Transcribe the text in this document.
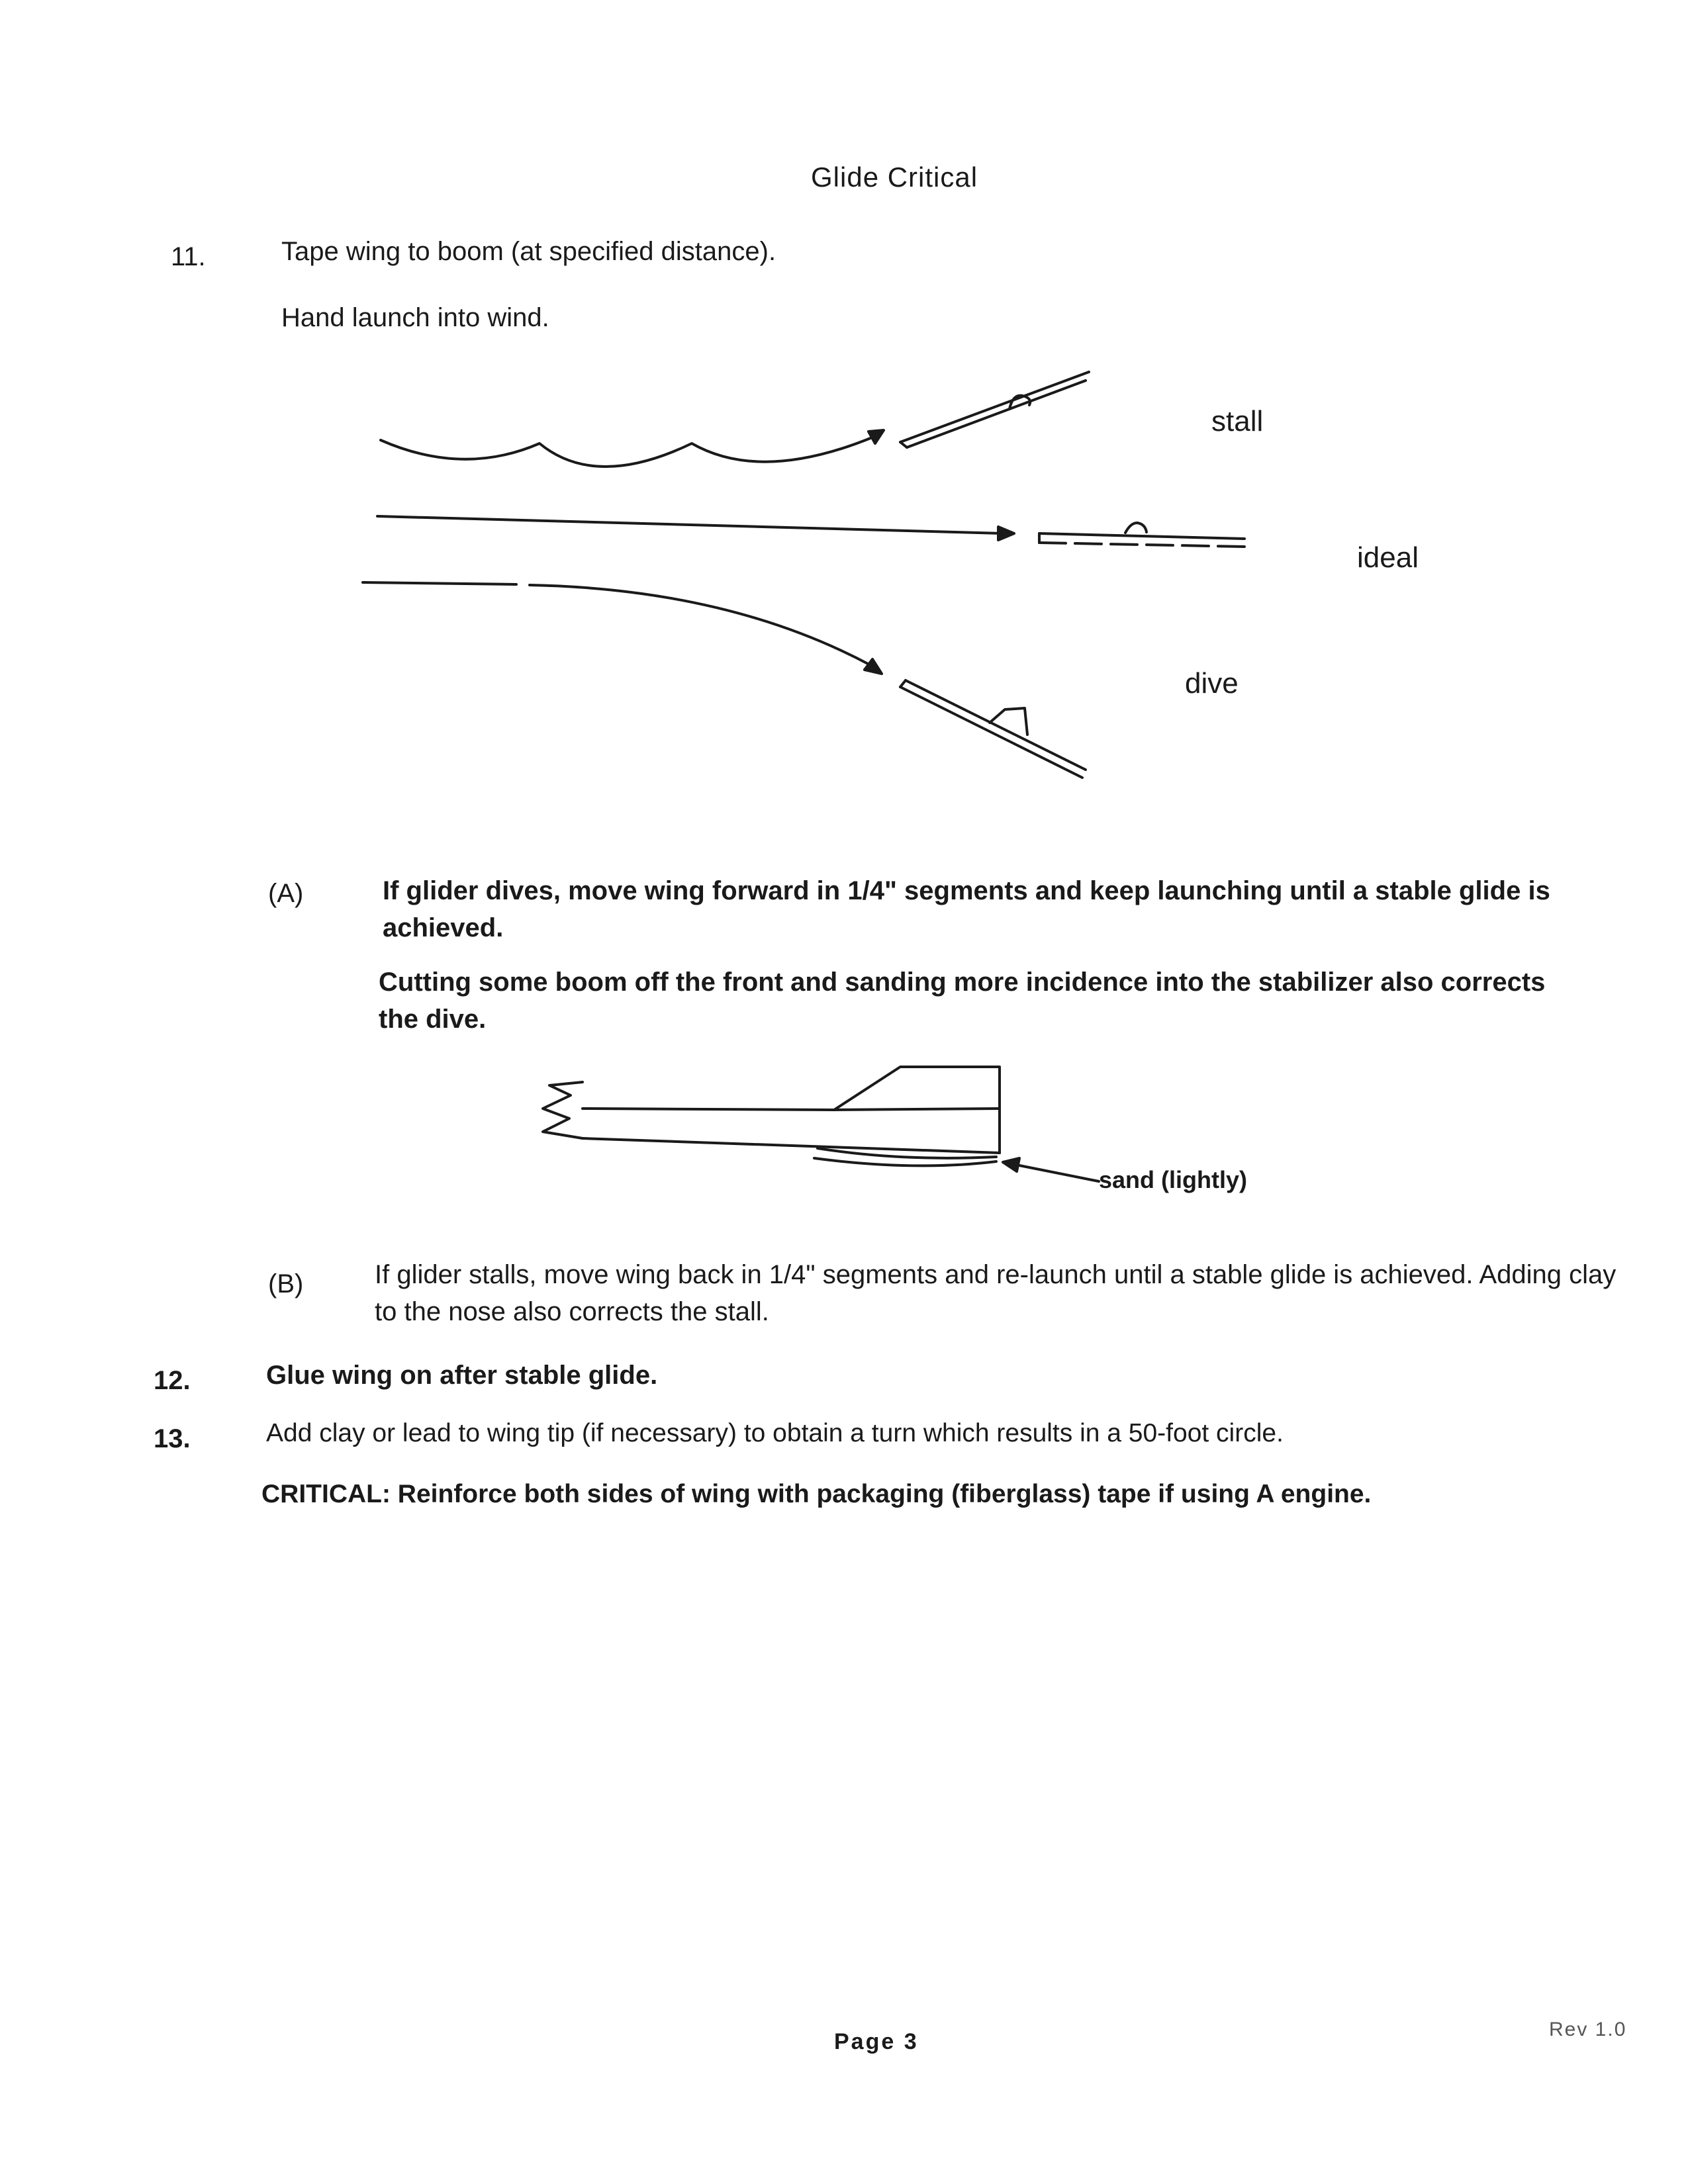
Glide Critical
11.	Tape wing to boom (at specified distance).
Hand launch into wind.
stall
ideal
dive
(A)	If glider dives, move wing forward in 1/4" segments and keep launching until a stable glide is achieved.
Cutting some boom off the front and sanding more incidence into the stabilizer also corrects the dive.
sand (lightly)
(B)	If glider stalls, move wing back in 1/4" segments and re-launch until a stable glide is achieved. Adding clay to the nose also corrects the stall.
12.	Glue wing on after stable glide.
13.	Add clay or lead to wing tip (if necessary) to obtain a turn which results in a 50-foot circle.
CRITICAL: Reinforce both sides of wing with packaging (fiberglass) tape if using A engine.
Page 3	Rev 1.0
